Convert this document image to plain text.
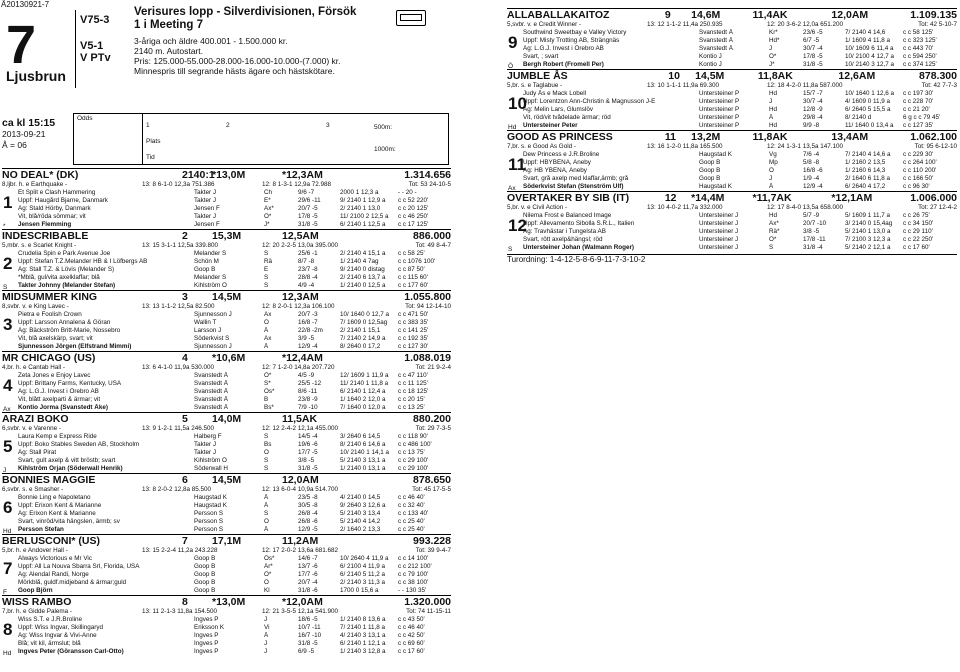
Å20130921-7
7
Ljusbrun
V75-3
V5-1
V PTv
Verisures lopp - Silverdivisionen, Försök
1 i Meeting 7
3-åriga och äldre 400.001 - 1.500.000 kr.
2140 m. Autostart.
Pris: 125.000-55.000-28.000-16.000-10.000-(7.000) kr.
Minnespris till segrande hästs ägare och hästskötare.
ca kl 15:15
2013-09-21
Å = 06
Odds
1	2	3
Plats
Tid
500m:
1000m:
NO DEAL* (DK)	2140:1
*13,0M	*12,3AM	1.314.656
8,ljbr. h. e Earthquake -	13: 8 6-1-0 12,3a 751.386	12: 8 1-3-1 12,9a 72.988	Tot: 53 24-10-5
1
*
Et Split e Clash Hammering	Takter J	Ch	9/6 -7	2000 1 12,3 a	- - 20 -
Uppf: Haugård Bjarne, Danmark	Takter J	E*	29/6 -11	9/ 2140 1 12,9 a	c c 52 220'
Äg: Stald Hörby, Danmark	Jensen F	Ax*	20/7 -5	2/ 2140 1 13,0	c c 20 125'
Vit, blå/röda sömmar; vit	Takter J	Ö*	17/8 -5	11/ 2100 2 12,5 a	c c 46 250'
Jensen Flemming	Jensen F	J*	31/8 -5	6/ 2140 1 12,5 a	c c 17 125'
INDESCRIBABLE	2	15,3M	12,5AM	886.000
5,mbr. s. e Scarlet Knight -	13: 15 3-1-1 12,5a 339.800	12: 20 2-2-5 13,0a 395.000	Tot: 49 8-4-7
2
S
Crudelia Spin e Park Avenue Joe	Melander S	S	25/6 -1	2/ 2140 4 15,1 a	c c 58 25'
Uppf: Stefan T.Z.Melander HB & I Löfbergs AB	Schön M	Rä	8/7 -8	1/ 2140 4 7ag	c c 1076 100'
Äg: Stall T.Z. & Lövis (Melander S)	Goop B	E	23/7 -8	9/ 2140 0 distag	c c 87 50'
*Mblå, gul/vita axelklaffar; blå	Melander S	S	28/8 -4	2/ 2140 6 13,7 a	c c 115 60'
Takter Johnny (Melander Stefan)	Kihlström Ö	S	4/9 -4	1/ 2140 0 12,5 a	c c 177 60'
MIDSUMMER KING	3	14,5M	12,3AM	1.055.800
8,svbr. v. e King Lavec -	13: 13 1-1-2 12,5a 82.500	12: 8 2-0-1 12,3a 106.100	Tot: 94 12-14-10
3
Pietra e Foolish Crown	Sjunnesson J	Ax	20/7 -3	10/ 1640 0 12,7 a	c c 471 50'
Uppf: Larsson Annalena & Göran	Wallin T	Ö	16/8 -7	7/ 1609 0 12,5ag	c c 383 35'
Äg: Bäckström Britt-Marie, Nossebro	Larsson J	Å	22/8 -2m	2/ 2140 1 15,1	c c 141 25'
Vit, blå axelskärp, svart; vit	Söderkvist S	Ax	3/9 -5	7/ 2140 2 14,9 a	c c 192 35'
Sjunnesson Jörgen (Elfstrand Mimmi)	Sjunnesson J	Å	12/9 -4	8/ 2640 0 17,2	c c 127 30'
MR CHICAGO (US)	4	*10,6M	*12,4AM	1.088.019
4,br. h. e Cantab Hall -	13: 6 4-1-0 11,9a 530.000	12: 7 1-2-0 14,8a 207.720	Tot: 21 9-2-4
4
Ax
Zeta Jones e Enjoy Lavec	Svanstedt Å	Ö*	4/5 -9	12/ 1609 1 11,9 a	c c 47 110'
Uppf: Brittany Farms, Kentucky, USA	Svanstedt Å	S*	25/5 -12	11/ 2140 1 11,8 a	c c 11 125'
Äg: L.G.J. Invest i Örebro AB	Svanstedt Å	Ös*	8/6 -11	6/ 2140 1 12,4 a	c c 18 125'
Vit, blått axelparti & ärmar; vit	Svanstedt Å	B	23/8 -9	1/ 1640 2 12,0 a	c c 20 15'
Kontio Jorma (Svanstedt Åke)	Svanstedt Å	Bs*	7/9 -10	7/ 1640 0 12,0 a	c c 13 25'
ARAZI BOKO	5	14,0M	11,5AK	880.200
6,svbr. v. e Varenne -	13: 9 1-2-1 11,5a 246.500	12: 12 2-4-2 12,1a 455.000	Tot: 29 7-3-5
5
J
Laura Kemp e Express Ride	Halberg F	S	14/5 -4	3/ 2640 6 14,5	c c 118 90'
Uppf: Boko Stables Sweden AB, Stockholm	Takter J	Bs	19/6 -6	8/ 2140 6 14,6 a	c c 486 100'
Äg: Stall Pirat	Takter J	Ö	17/7 -5	10/ 2140 1 14,1 a	c c 13 75'
Svart, gult axelp & vitt bröstb; svart	Kihlström Ö	S	3/8 -5	5/ 2140 3 13,1 a	c c 29 100'
Kihlström Örjan (Söderwall Henrik)	Söderwall H	S	31/8 -5	1/ 2140 0 13,1 a	c c 29 100'
BONNIES MAGGIE	6	14,5M	12,0AM	878.650
6,svbr. s. e Smasher -	13: 8 2-0-2 12,8a 85.500	12: 13 6-0-4 10,9a 514.700	Tot: 45 17-5-5
6
Hd
Bonnie Ling e Napoletano	Haugstad K	Å	23/5 -8	4/ 2140 0 14,5	c c 46 40'
Uppf: Erixon Kent & Marianne	Haugstad K	Å	30/5 -8	9/ 2640 3 12,6 a	c c 32 40'
Äg: Erixon Kent & Marianne	Persson S	S	26/8 -4	5/ 2140 3 13,4	c c 133 40'
Svart, vinröd/vita hängslen, ärmb; sv	Persson S	Ö	26/8 -6	5/ 2140 4 14,2	c c 25 40'
Persson Stefan	Persson S	Å	12/9 -5	2/ 1640 2 13,3	c c 25 40'
BERLUSCONI* (US)	7	17,1M	11,2AM	993.228
5,br. h. e Andover Hall -	13: 15 2-2-4 11,2a 243.228	12: 17 2-0-2 13,6a 681.682	Tot: 39 9-4-7
7
F
Always Victorious e Mr Vic	Goop B	Ös*	14/6 -7	10/ 2640 4 11,9 a	c c 14 100'
Uppf: All La Nouva Sbarra Srl, Florida, USA	Goop B	Är*	13/7 -6	6/ 2100 4 11,9 a	c c 212 100'
Äg: Alendal Randi, Norge	Goop B	Ö*	17/7 -6	6/ 2140 5 11,2 a	c c 79 100'
Mörkblå, guldf.midjeband & ärmar;guld	Goop B	Ö	20/7 -4	2/ 2140 3 11,3 a	c c 38 100'
Goop Björn	Goop B	Kl	31/8 -6	1700 0 15,6 a	- - 130 35'
WISS RAMBO	8	*13,0M	*12,0AM	1.320.000
7,br. h. e Gidde Palema -	13: 11 2-1-3 11,8a 154.500	12: 21 3-5-5 12,1a 541.900	Tot: 74 11-15-11
8
Hd
Wiss S.T. e J.R.Broline	Ingves P	J	18/6 -5	1/ 2140 8 13,6 a	c c 43 50'
Uppf: Wiss Ingvar, Skillingaryd	Eriksson K	Vi	10/7 -11	7/ 2140 1 11,8 a	c c 46 40'
Äg: Wiss Ingvar & Vivi-Anne	Ingves P	Å	16/7 -10	4/ 2140 3 13,1 a	c c 42 50'
Blå; vit kil, ärmslut; blå	Ingves P	J	31/8 -5	6/ 2140 1 12,1 a	c c 69 60'
Ingves Peter (Göransson Carl-Otto)	Ingves P	J	6/9 -5	1/ 2140 3 12,8 a	c c 17 60'
ALLABALLAKAITOZ	9	14,6M	11,4AK	12,0AM	1.109.135
5,svbr. v. e Credit Winner -	13: 12 1-1-2 11,4a 250.935	12: 20 3-6-2 12,0a 651.200	Tot: 42 5-10-7
9
Ö
Southwind Sweetbay e Valley Victory	Svanstedt Å	Kr*	23/6 -5	7/ 2140 4 14,6	c c 58 125'
Uppf: Misty Trotting AB, Strängnäs	Svanstedt Å	Hd*	6/7 -5	1/ 1609 4 11,8 a	c c 323 125'
Äg: L.G.J. Invest i Örebro AB	Svanstedt Å	J	30/7 -4	10/ 1609 6 11,4 a	c c 443 70'
Svart, ; svart	Kontio J	Ö*	17/8 -5	10/ 2100 4 12,7 a	c c 594 250'
Bergh Robert (Fromell Per)	Kontio J	J*	31/8 -5	10/ 2140 3 12,7 a	c c 374 125'
JUMBLE ÅS	10	14,5M	11,8AK	12,6AM	878.300
5,br. s. e Taglabue -	13: 10 1-1-1 11,9a 69.300	12: 18 4-2-0 11,8a 587.000	Tot: 42 7-7-3
10
Hd
Judy Ås e Mack Lobell	Untersteiner P	Hd	15/7 -7	10/ 1640 1 12,6 a	c c 197 30'
Uppf: Lorentzon Ann-Christin & Magnusson J-E	Untersteiner P	J	30/7 -4	4/ 1609 0 11,9 a	c c 228 70'
Äg: Melin Lars, Glumslöv	Untersteiner P	Hd	12/8 -9	6/ 2640 5 15,5 a	c c 21 20'
Vit, röd/vit tvådelade ärmar; röd	Untersteiner P	Å	29/8 -4	8/ 2140 d	6 g c c 79 45'
Untersteiner Peter	Untersteiner P	Hd	9/9 -8	11/ 1640 0 13,4 a	c c 127 35'
GOOD AS PRINCESS	11	13,2M	11,8AK	13,4AM	1.062.100
7,br. s. e Good As Gold -	13: 16 1-2-0 11,8a 165.500	12: 24 1-3-1 13,5a 147.100	Tot: 95 6-12-10
11
Ax
Dew Princess e J.R.Broline	Haugstad K	Vg	7/6 -4	7/ 2140 4 14,6 a	c c 229 30'
Uppf: HBYBENA, Aneby	Goop B	Mp	5/8 -8	1/ 2160 2 13,5	c c 264 100'
Äg: HB YBENA, Aneby	Goop B	Ö	16/8 -6	1/ 2160 6 14,3	c c 110 200'
Svart, grå axelp med klaffar,ärmb; grå	Goop B	J	1/9 -4	2/ 1640 6 11,8 a	c c 166 50'
Söderkvist Stefan (Stenström Ulf)	Haugstad K	Å	12/9 -4	6/ 2640 4 17,2	c c 96 30'
OVERTAKER BY SIB (IT)	12	*14,4M	*11,7AK	*12,1AM	1.006.000
5,br. v. e Civil Action -	13: 10 4-0-2 11,7a 332.000	12: 17 8-4-0 13,5a 658.000	Tot: 27 12-4-2
12
S
Nilema Frost e Balanced Image	Untersteiner J	Hd	5/7 -9	5/ 1609 1 11,7 a	c c 26 75'
Uppf: Allevamento Sibolla S.R.L., Italien	Untersteiner J	Ax*	20/7 -10	3/ 2140 0 15,4ag	c c 34 150'
Äg: Travhästar i Tungelsta AB	Untersteiner J	Rä*	3/8 -5	5/ 2140 1 13,0 a	c c 29 110'
Svart, rött axelp&hängsl; röd	Untersteiner J	Ö*	17/8 -11	7/ 2100 3 12,3 a	c c 22 250'
Untersteiner Johan (Walmann Roger)	Untersteiner J	S	31/8 -4	5/ 2140 2 12,1 a	c c 17 60'
Turordning: 1-4-12-5-8-6-9-11-7-3-10-2
